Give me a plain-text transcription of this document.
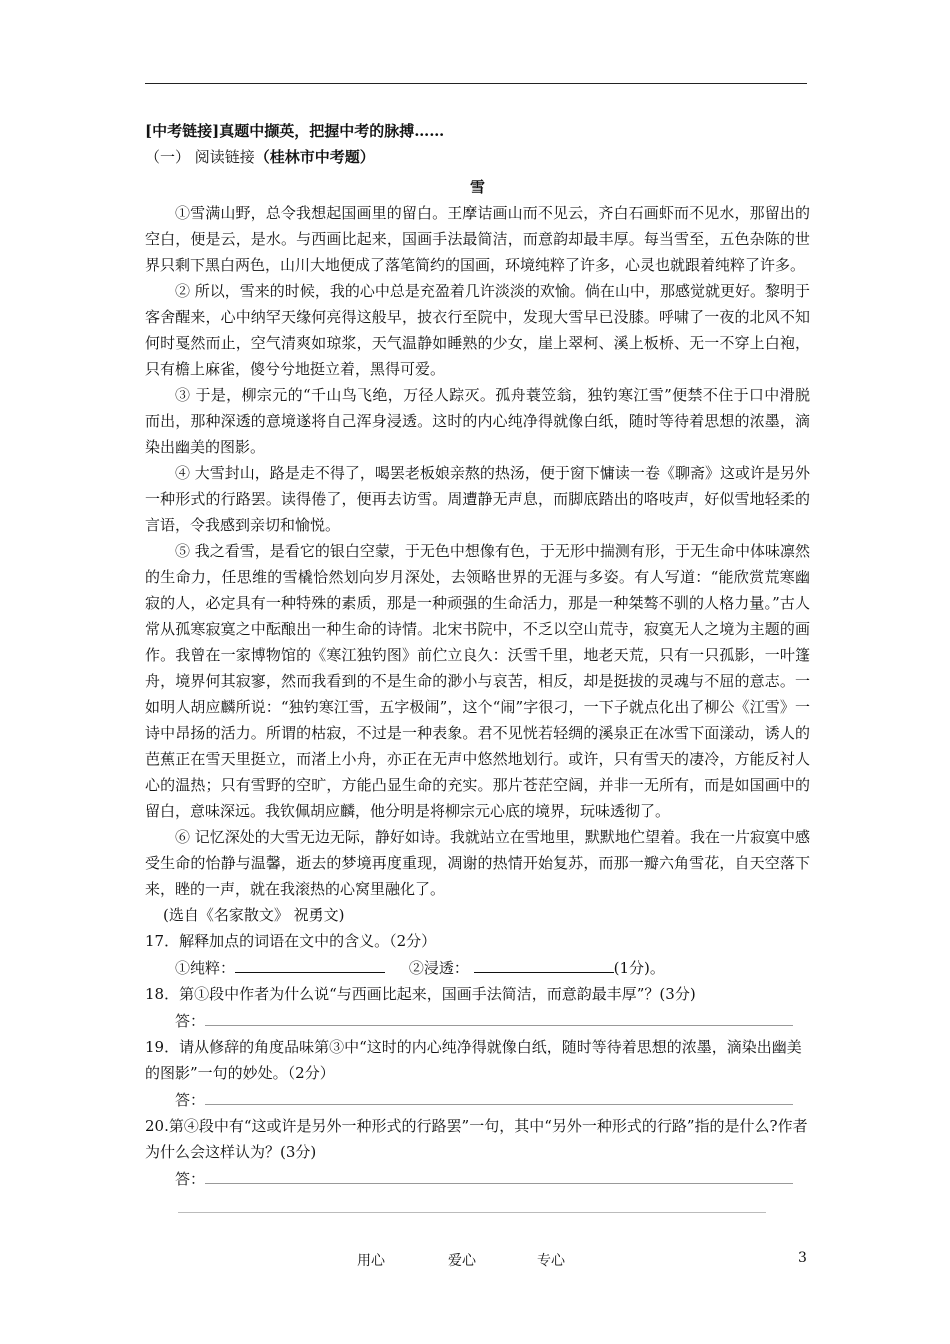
[中考链接]真题中撷英，把握中考的脉搏……

（一） 阅读链接（桂林市中考题）

雪

①雪满山野，总令我想起国画里的留白。王摩诘画山而不见云，齐白石画虾而不见水，那留出的空白，便是云，是水。与西画比起来，国画手法最简洁，而意韵却最丰厚。每当雪至，五色杂陈的世界只剩下黑白两色，山川大地便成了落笔简约的国画，环境纯粹了许多，心灵也就跟着纯粹了许多。

② 所以，雪来的时候，我的心中总是充盈着几许淡淡的欢愉。倘在山中，那感觉就更好。黎明于客舍醒来，心中纳罕天缘何亮得这般早，披衣行至院中，发现大雪早已没膝。呼啸了一夜的北风不知何时戛然而止，空气清爽如琼浆，天气温静如睡熟的少女，崖上翠柯、溪上板桥、无一不穿上白袍，只有檐上麻雀，傻兮兮地挺立着，黑得可爱。

③ 于是，柳宗元的“千山鸟飞绝，万径人踪灭。孤舟蓑笠翁，独钓寒江雪”便禁不住于口中滑脱而出，那种深透的意境遂将自己浑身浸透。这时的内心纯净得就像白纸，随时等待着思想的浓墨，滴染出幽美的图影。

④ 大雪封山，路是走不得了，喝罢老板娘亲熬的热汤，便于窗下慵读一卷《聊斋》这或许是另外一种形式的行路罢。读得倦了，便再去访雪。周遭静无声息，而脚底踏出的咯吱声，好似雪地轻柔的言语，令我感到亲切和愉悦。

⑤ 我之看雪，是看它的银白空蒙，于无色中想像有色，于无形中揣测有形，于无生命中体味凛然的生命力，任思维的雪橇恰然划向岁月深处，去领略世界的无涯与多姿。有人写道：“能欣赏荒寒幽寂的人，必定具有一种特殊的素质，那是一种顽强的生命活力，那是一种桀骜不驯的人格力量。”古人常从孤寒寂寞之中酝酿出一种生命的诗情。北宋书院中，不乏以空山荒寺，寂寞无人之境为主题的画作。我曾在一家博物馆的《寒江独钓图》前伫立良久：沃雪千里，地老天荒，只有一只孤影，一叶篷舟，境界何其寂寥，然而我看到的不是生命的渺小与哀苦，相反，却是挺拔的灵魂与不屈的意志。一如明人胡应麟所说：“独钓寒江雪，五字极闹”，这个“闹”字很刁，一下子就点化出了柳公《江雪》一诗中昂扬的活力。所谓的枯寂，不过是一种表象。君不见恍若轻绸的溪泉正在冰雪下面漾动，诱人的芭蕉正在雪天里挺立，而渚上小舟，亦正在无声中悠然地划行。或许，只有雪天的凄冷，方能反衬人心的温热；只有雪野的空旷，方能凸显生命的充实。那片苍茫空阔，并非一无所有，而是如国画中的留白，意味深远。我钦佩胡应麟，他分明是将柳宗元心底的境界，玩味透彻了。

⑥ 记忆深处的大雪无边无际，静好如诗。我就站立在雪地里，默默地伫望着。我在一片寂寞中感受生命的怡静与温馨，逝去的梦境再度重现，凋谢的热情开始复苏，而那一瓣六角雪花，自天空落下来，睉的一声，就在我滚热的心窝里融化了。

(选自《名家散文》 祝勇文)

17．解释加点的词语在文中的含义。（2分）

①纯粹：	②浸透：	(1分)。

18．第①段中作者为什么说“与西画比起来，国画手法简洁，而意韵最丰厚”？(3分)

答：

19．请从修辞的角度品味第③中“这时的内心纯净得就像白纸，随时等待着思想的浓墨，滴染出幽美的图影”一句的妙处。（2分）

答：

20.第④段中有“这或许是另外一种形式的行路罢”一句，其中“另外一种形式的行路”指的是什么?作者为什么会这样认为？(3分)

答：

用心	爱心	专心	3
